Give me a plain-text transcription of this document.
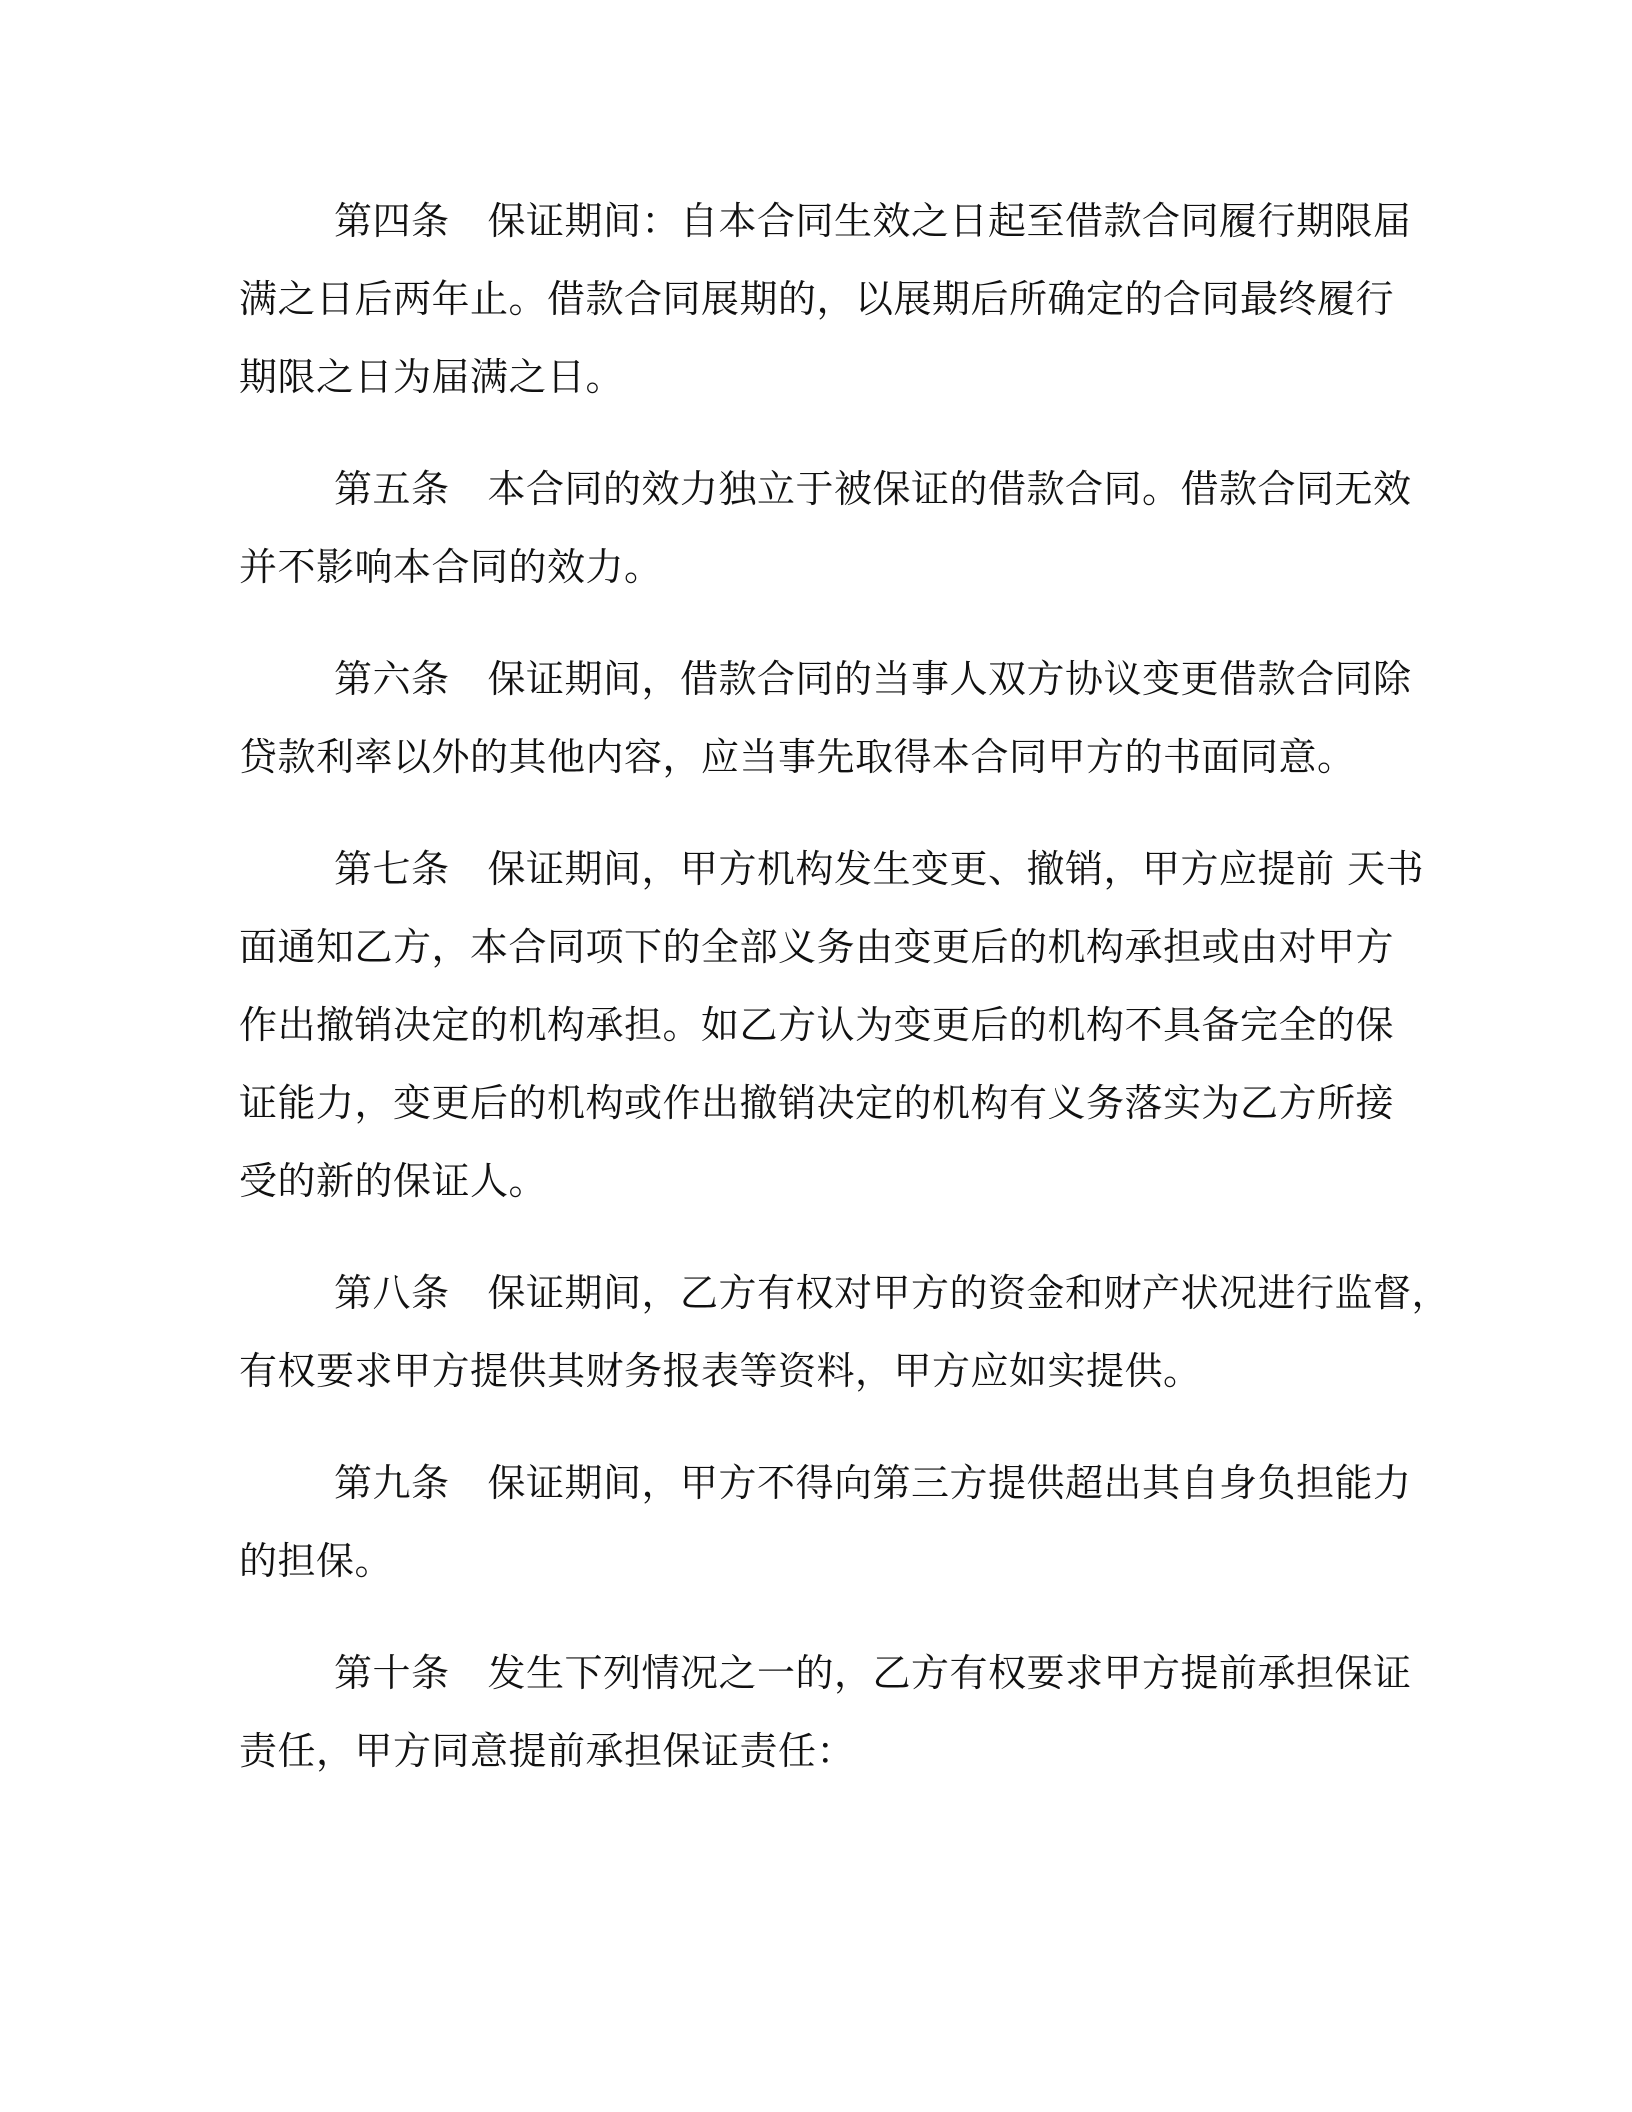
第四条 保证期间：自本合同生效之日起至借款合同履行期限届
满之日后两年止。借款合同展期的，以展期后所确定的合同最终履行
期限之日为届满之日。

第五条 本合同的效力独立于被保证的借款合同。借款合同无效
并不影响本合同的效力。

第六条 保证期间，借款合同的当事人双方协议变更借款合同除
贷款利率以外的其他内容，应当事先取得本合同甲方的书面同意。

第七条 保证期间，甲方机构发生变更、撤销，甲方应提前 天书
面通知乙方，本合同项下的全部义务由变更后的机构承担或由对甲方
作出撤销决定的机构承担。如乙方认为变更后的机构不具备完全的保
证能力，变更后的机构或作出撤销决定的机构有义务落实为乙方所接
受的新的保证人。

第八条 保证期间，乙方有权对甲方的资金和财产状况进行监督，
有权要求甲方提供其财务报表等资料，甲方应如实提供。

第九条 保证期间，甲方不得向第三方提供超出其自身负担能力
的担保。

第十条 发生下列情况之一的，乙方有权要求甲方提前承担保证
责任，甲方同意提前承担保证责任：
